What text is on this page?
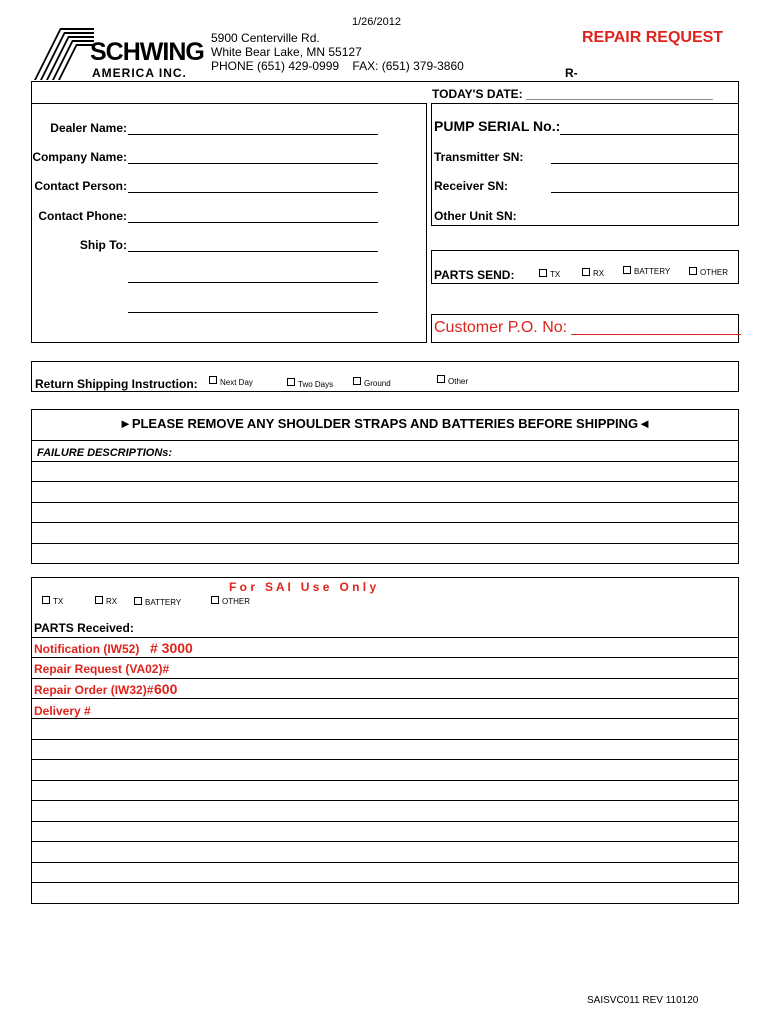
1/26/2012
SCHWING
AMERICA INC.
5900 Centerville Rd.
White Bear Lake, MN 55127
PHONE (651) 429-0999    FAX: (651) 379-3860
REPAIR REQUEST
R-
TODAY'S DATE: ____________________________
Dealer Name:
Company Name:
Contact Person:
Contact Phone:
Ship To:
PUMP SERIAL No.:
Transmitter SN:
Receiver SN:
Other Unit SN:
PARTS SEND:	TX	RX	BATTERY	OTHER
Customer P.O. No: ___________________
Return Shipping Instruction:	Next Day	Two Days	Ground	Other
►PLEASE REMOVE ANY SHOULDER STRAPS AND BATTERIES BEFORE SHIPPING◄
FAILURE DESCRIPTIONs:
F o r   S A I   U s e   O n l y
TX	RX	BATTERY	OTHER
PARTS Received:
Notification (IW52) # 3000
Repair Request (VA02)#
Repair Order (IW32)# 600
Delivery #
SAISVC011 REV 110120
